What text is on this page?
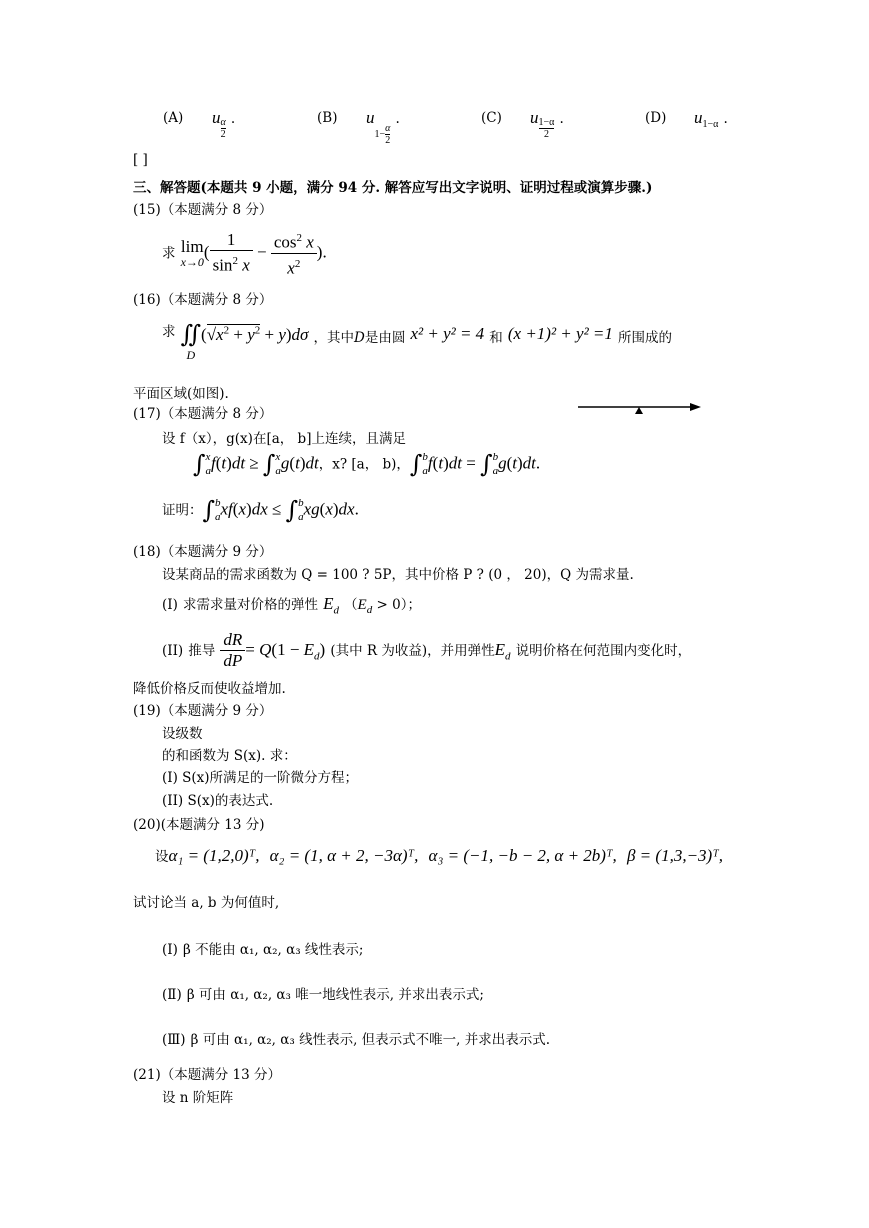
(A) u $\frac{\alpha}{2}$ .	(B) $u1- \frac{\alpha}{2}$
.	(C) u $\frac{1-\alpha}{2}$ .	(D) $u_{1-\alpha}$ .
[ ]
三、解答题(本题共 9 小题，满分 94 分. 解答应写出文字说明、证明过程或演算步骤.)
(15)（本题满分 8 分）
求 lim
x→0 ( $\frac{1}{\sin^2 x} - \frac{\cos^2 x}{x^2}$ ).
(16)（本题满分 8 分）
求 ∬
D
$(√x^2 + y^2 + y)d\sigma$ $^{,其中D是由圆}$ x² + y² = 4 $^和$ (x +1)² + y² =1 $^{所围成的}$
平面区域(如图).
(17)（本题满分 8 分）
设 f（x），g(x)在[a， b]上连续，且满足
∫ x
a f(t)dt ≥ ∫ x
a g(t)dt，x? [a， b)，∫ b
a f(t)dt = ∫ b
a g(t)dt.
证明：∫ b
a xf(x)dx ≤ ∫ b
a xg(x)dx.
(18)（本题满分 9 分）
设某商品的需求函数为 Q = 100 ? 5P，其中价格 P ? (0 ， 20)，Q 为需求量.
(I) 求需求量对价格的弹性 $E_d$ $(E_d > 0)$；
(II) 推导 $\frac{dR}{dP} = Q(1 - E_d)$ (其中 R 为收益)，并用弹性$E_d$ 说明价格在何范围内变化时，
降低价格反而使收益增加.
(19)（本题满分 9 分）
设级数
的和函数为 S(x). 求：
(I) S(x)所满足的一阶微分方程；
(II) S(x)的表达式.
(20)(本题满分 13 分)
设α₁ = (1,2,0)ᵀ, α₂ = (1, α + 2, −3α)ᵀ, α₃ = (−1, −b − 2, α + 2b)ᵀ, β = (1,3,−3)ᵀ,
试讨论当 a, b 为何值时,
(Ⅰ) β 不能由 α₁, α₂, α₃ 线性表示;
(Ⅱ) β 可由 α₁, α₂, α₃ 唯一地线性表示, 并求出表示式;
(Ⅲ) β 可由 α₁, α₂, α₃ 线性表示, 但表示式不唯一, 并求出表示式.
(21)（本题满分 13 分）
设 n 阶矩阵
